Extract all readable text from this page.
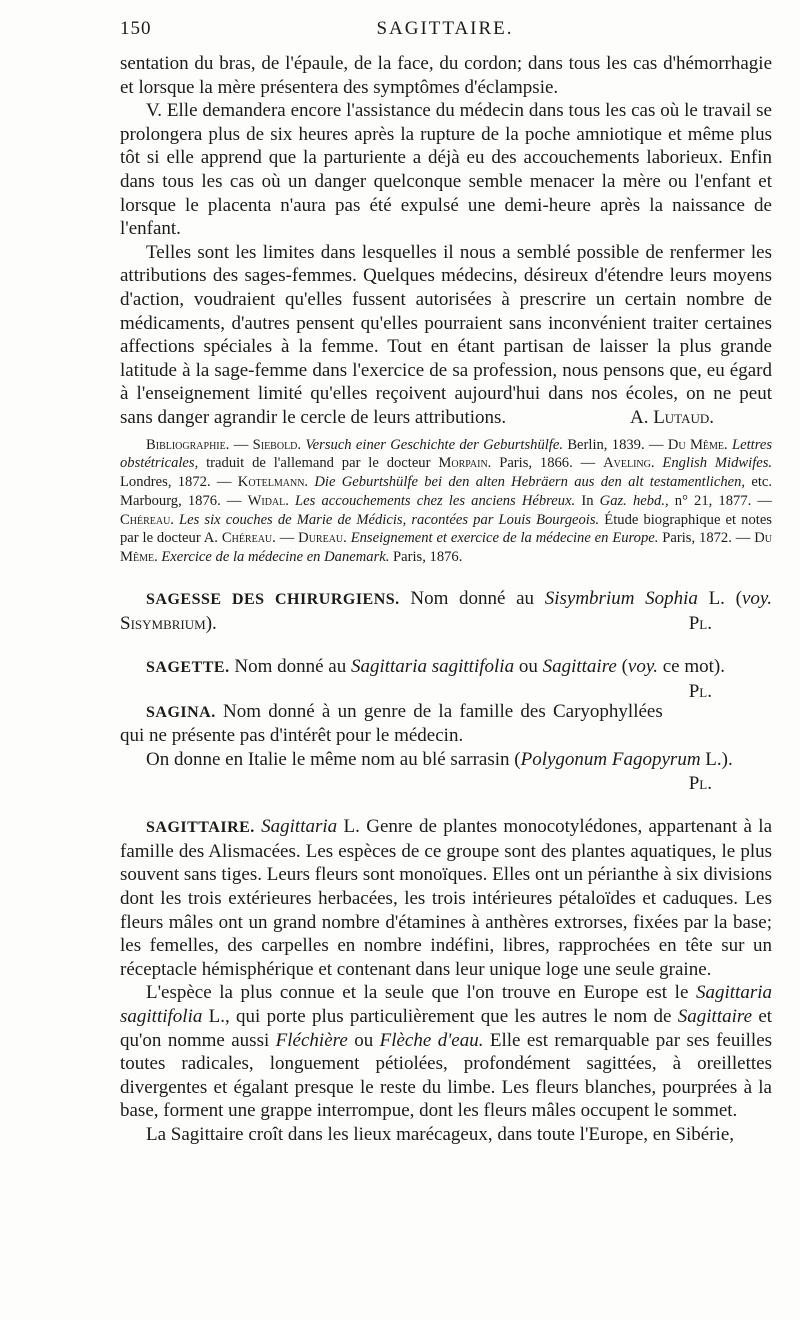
150	SAGITTAIRE.

sentation du bras, de l'épaule, de la face, du cordon; dans tous les cas d'hémorrhagie et lorsque la mère présentera des symptômes d'éclampsie.

V. Elle demandera encore l'assistance du médecin dans tous les cas où le travail se prolongera plus de six heures après la rupture de la poche amniotique et même plus tôt si elle apprend que la parturiente a déjà eu des accouchements laborieux. Enfin dans tous les cas où un danger quelconque semble menacer la mère ou l'enfant et lorsque le placenta n'aura pas été expulsé une demi-heure après la naissance de l'enfant.

Telles sont les limites dans lesquelles il nous a semblé possible de renfermer les attributions des sages-femmes. Quelques médecins, désireux d'étendre leurs moyens d'action, voudraient qu'elles fussent autorisées à prescrire un certain nombre de médicaments, d'autres pensent qu'elles pourraient sans inconvénient traiter certaines affections spéciales à la femme. Tout en étant partisan de laisser la plus grande latitude à la sage-femme dans l'exercice de sa profession, nous pensons que, eu égard à l'enseignement limité qu'elles reçoivent aujourd'hui dans nos écoles, on ne peut sans danger agrandir le cercle de leurs attributions.	A. Lutaud.

Bibliographie. — Siebold. Versuch einer Geschichte der Geburtshülfe. Berlin, 1839. — Du Même. Lettres obstétricales, traduit de l'allemand par le docteur Morpain. Paris, 1866. — Aveling. English Midwifes. Londres, 1872. — Kotelmann. Die Geburtshülfe bei den alten Hebräern aus den alt testamentlichen, etc. Marbourg, 1876. — Widal. Les accouchements chez les anciens Hébreux. In Gaz. hebd., n° 21, 1877. — Chéreau. Les six couches de Marie de Médicis, racontées par Louis Bourgeois. Étude biographique et notes par le docteur A. Chéreau. — Dureau. Enseignement et exercice de la médecine en Europe. Paris, 1872. — Du Même. Exercice de la médecine en Danemark. Paris, 1876.

SAGESSE DES CHIRURGIENS. Nom donné au Sisymbrium Sophia L. (voy. Sisymbrium).	Pl.

SAGETTE. Nom donné au Sagittaria sagittifolia ou Sagittaire (voy. ce mot).
Pl.

SAGINA. Nom donné à un genre de la famille des Caryophyllées qui ne présente pas d'intérêt pour le médecin.

On donne en Italie le même nom au blé sarrasin (Polygonum Fagopyrum L.).

Pl.

SAGITTAIRE. Sagittaria L. Genre de plantes monocotylédones, appartenant à la famille des Alismacées. Les espèces de ce groupe sont des plantes aquatiques, le plus souvent sans tiges. Leurs fleurs sont monoïques. Elles ont un périanthe à six divisions dont les trois extérieures herbacées, les trois intérieures pétaloïdes et caduques. Les fleurs mâles ont un grand nombre d'étamines à anthères extrorses, fixées par la base; les femelles, des carpelles en nombre indéfini, libres, rapprochées en tête sur un réceptacle hémisphérique et contenant dans leur unique loge une seule graine.

L'espèce la plus connue et la seule que l'on trouve en Europe est le Sagittaria sagittifolia L., qui porte plus particulièrement que les autres le nom de Sagittaire et qu'on nomme aussi Fléchière ou Flèche d'eau. Elle est remarquable par ses feuilles toutes radicales, longuement pétiolées, profondément sagittées, à oreillettes divergentes et égalant presque le reste du limbe. Les fleurs blanches, pourprées à la base, forment une grappe interrompue, dont les fleurs mâles occupent le sommet.

La Sagittaire croît dans les lieux marécageux, dans toute l'Europe, en Sibérie,
